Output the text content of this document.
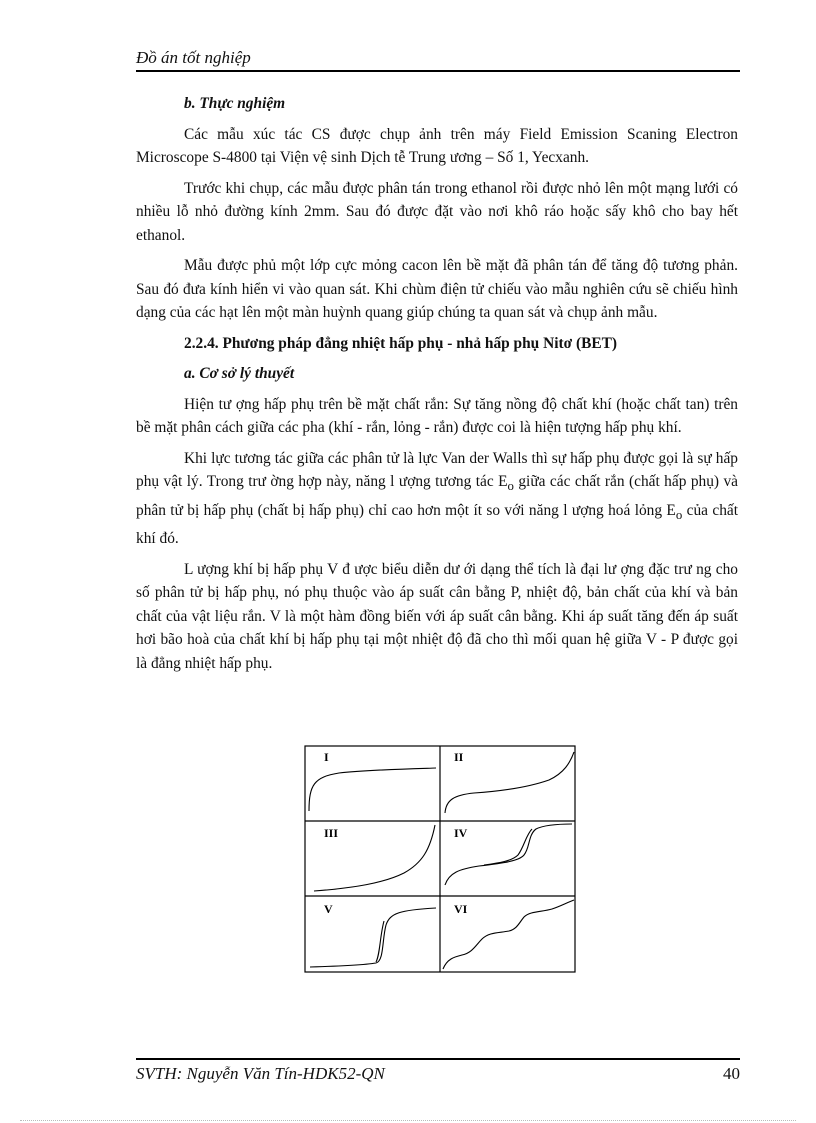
Đồ án tốt nghiệp
b. Thực nghiệm

Các mẫu xúc tác CS được chụp ảnh trên máy Field Emission Scaning Electron Microscope S-4800 tại Viện vệ sinh Dịch tễ Trung ương – Số 1, Yecxanh.

Trước khi chụp, các mẫu được phân tán trong ethanol rồi được nhỏ lên một mạng lưới có nhiều lỗ nhỏ đường kính 2mm. Sau đó được đặt vào nơi khô ráo hoặc sấy khô cho bay hết ethanol.

Mẫu được phủ một lớp cực mỏng cacon lên bề mặt đã phân tán để tăng độ tương phản. Sau đó đưa kính hiển vi vào quan sát. Khi chùm điện tử chiếu vào mẫu nghiên cứu sẽ chiếu hình dạng của các hạt lên một màn huỳnh quang giúp chúng ta quan sát và chụp ảnh mẫu.

2.2.4. Phương pháp đẳng nhiệt hấp phụ - nhả hấp phụ Nitơ (BET)
a. Cơ sở lý thuyết

Hiện tư ợng hấp phụ trên bề mặt chất rắn: Sự tăng nồng độ chất khí (hoặc chất tan) trên bề mặt phân cách giữa các pha (khí - rắn, lỏng - rắn) được coi là hiện tượng hấp phụ khí.

Khi lực tương tác giữa các phân tử là lực Van der Walls thì sự hấp phụ được gọi là sự hấp phụ vật lý. Trong trư ờng hợp này, năng l ượng tương tác $E_o$ giữa các chất rắn (chất hấp phụ) và phân tử bị hấp phụ (chất bị hấp phụ) chỉ cao hơn một ít so với năng l ượng hoá lỏng $E_o$ của chất khí đó.

L ượng khí bị hấp phụ V đ ược biểu diễn dư ới dạng thể tích là đại lư ợng đặc trư ng cho số phân tử bị hấp phụ, nó phụ thuộc vào áp suất cân bằng P, nhiệt độ, bản chất của khí và bản chất của vật liệu rắn. V là một hàm đồng biến với áp suất cân bằng. Khi áp suất tăng đến áp suất hơi bão hoà của chất khí bị hấp phụ tại một nhiệt độ đã cho thì mối quan hệ giữa V - P được gọi là đẳng nhiệt hấp phụ.

I	II
III	IV
V	VI
SVTH: Nguyễn Văn Tín-HDK52-QN	40
